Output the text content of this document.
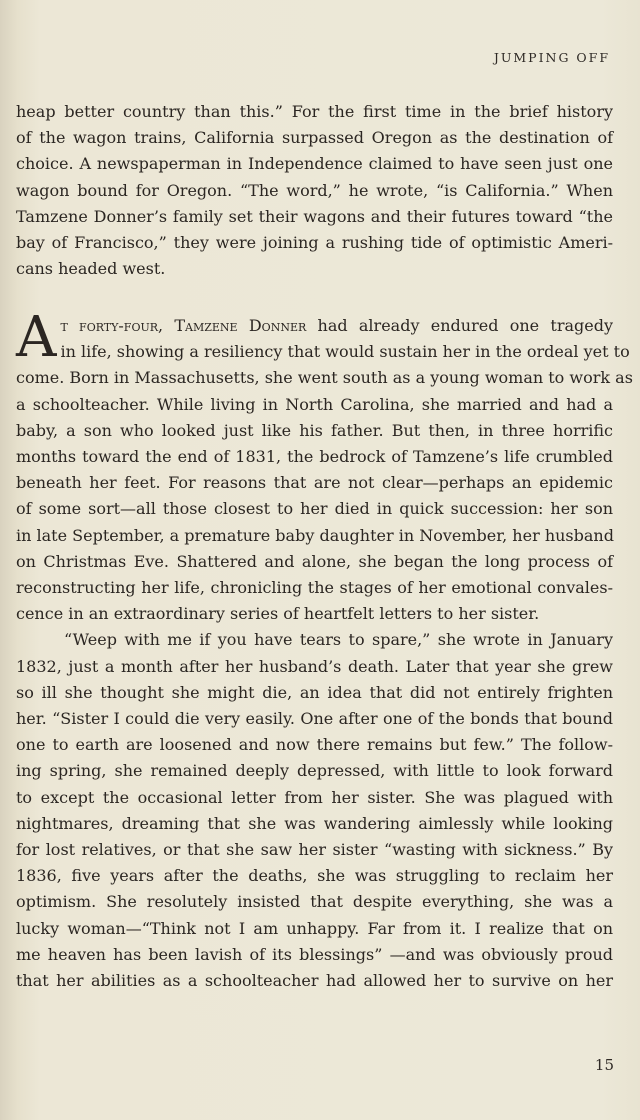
JUMPING OFF
heap better country than this.” For the first time in the brief history
of the wagon trains, California surpassed Oregon as the destination of
choice. A newspaperman in Independence claimed to have seen just one
wagon bound for Oregon. “The word,” he wrote, “is California.” When
Tamzene Donner’s family set their wagons and their futures toward “the
bay of Francisco,” they were joining a rushing tide of optimistic Ameri-
cans headed west.
A t forty-four, Tamzene Donner had already endured one tragedy
in life, showing a resiliency that would sustain her in the ordeal yet to
come. Born in Massachusetts, she went south as a young woman to work as
a schoolteacher. While living in North Carolina, she married and had a
baby, a son who looked just like his father. But then, in three horrific
months toward the end of 1831, the bedrock of Tamzene’s life crumbled
beneath her feet. For reasons that are not clear—perhaps an epidemic
of some sort—all those closest to her died in quick succession: her son
in late September, a premature baby daughter in November, her husband
on Christmas Eve. Shattered and alone, she began the long process of
reconstructing her life, chronicling the stages of her emotional convales-
cence in an extraordinary series of heartfelt letters to her sister.
“Weep with me if you have tears to spare,” she wrote in January
1832, just a month after her husband’s death. Later that year she grew
so ill she thought she might die, an idea that did not entirely frighten
her. “Sister I could die very easily. One after one of the bonds that bound
one to earth are loosened and now there remains but few.” The follow-
ing spring, she remained deeply depressed, with little to look forward
to except the occasional letter from her sister. She was plagued with
nightmares, dreaming that she was wandering aimlessly while looking
for lost relatives, or that she saw her sister “wasting with sickness.” By
1836, five years after the deaths, she was struggling to reclaim her
optimism. She resolutely insisted that despite everything, she was a
lucky woman—“Think not I am unhappy. Far from it. I realize that on
me heaven has been lavish of its blessings” —and was obviously proud
that her abilities as a schoolteacher had allowed her to survive on her
15
